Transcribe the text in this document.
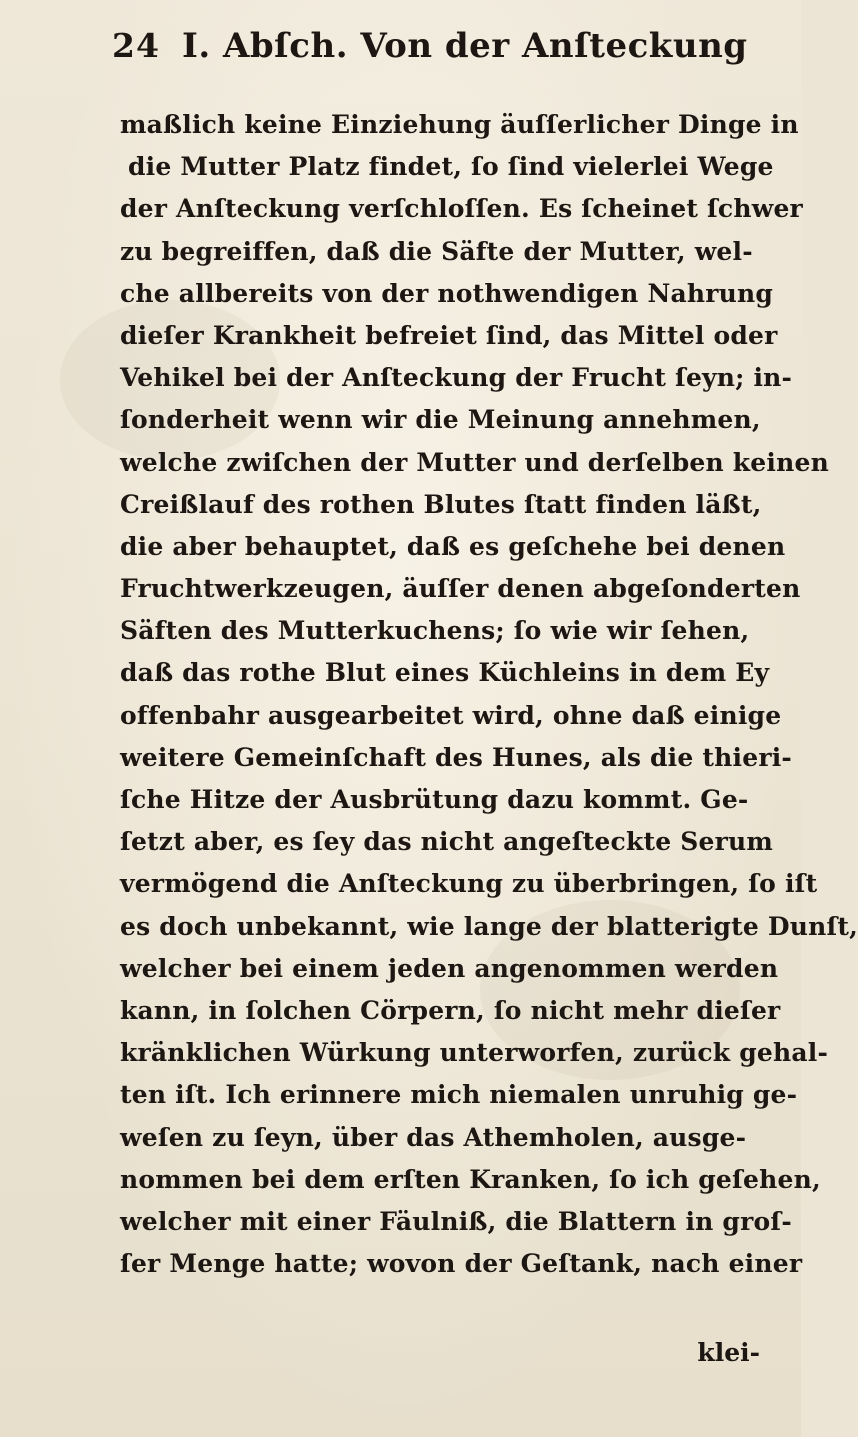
24 I. Abſch. Von der Anſteckung
maßlich keine Einziehung äuſſerlicher Dinge in
die Mutter Platz findet, ſo ſind vielerlei Wege
der Anſteckung verſchloſſen. Es ſcheinet ſchwer
zu begreiffen, daß die Säfte der Mutter, wel-
che allbereits von der nothwendigen Nahrung
dieſer Krankheit befreiet ſind, das Mittel oder
Vehikel bei der Anſteckung der Frucht ſeyn; in-
ſonderheit wenn wir die Meinung annehmen,
welche zwiſchen der Mutter und derſelben keinen
Creißlauf des rothen Blutes ſtatt finden läßt,
die aber behauptet, daß es geſchehe bei denen
Fruchtwerkzeugen, äuſſer denen abgeſonderten
Säften des Mutterkuchens; ſo wie wir ſehen,
daß das rothe Blut eines Küchleins in dem Ey
offenbahr ausgearbeitet wird, ohne daß einige
weitere Gemeinſchaft des Hunes, als die thieri-
ſche Hitze der Ausbrütung dazu kommt. Ge-
ſetzt aber, es ſey das nicht angeſteckte Serum
vermögend die Anſteckung zu überbringen, ſo iſt
es doch unbekannt, wie lange der blatterigte Dunſt,
welcher bei einem jeden angenommen werden
kann, in ſolchen Cörpern, ſo nicht mehr dieſer
kränklichen Würkung unterworfen, zurück gehal-
ten iſt. Ich erinnere mich niemalen unruhig ge-
weſen zu ſeyn, über das Athemholen, ausge-
nommen bei dem erſten Kranken, ſo ich geſehen,
welcher mit einer Fäulniß, die Blattern in groſ-
ſer Menge hatte; wovon der Geſtank, nach einer
klei-
